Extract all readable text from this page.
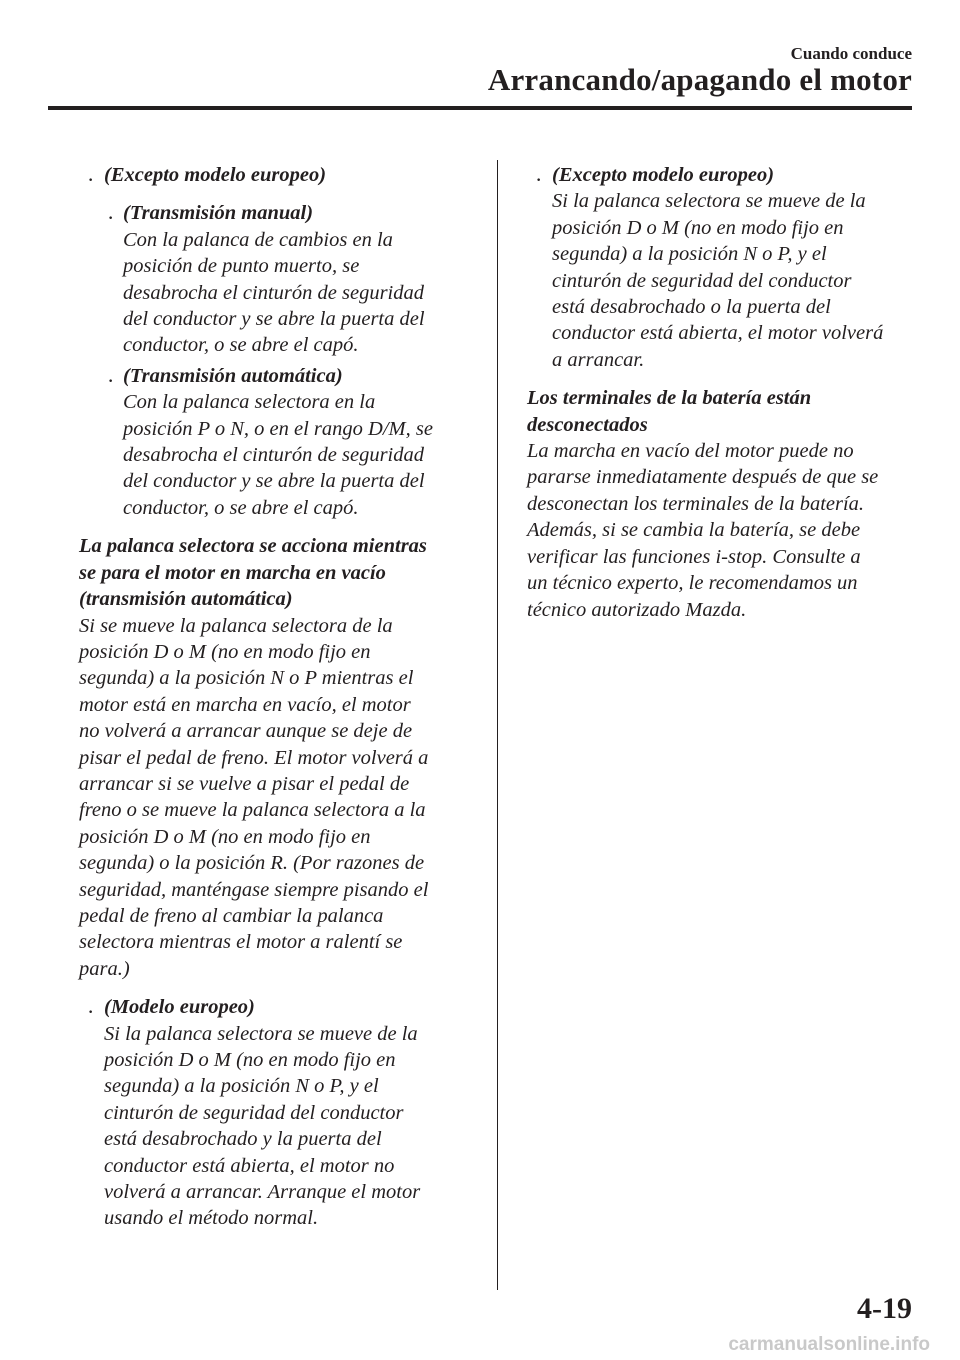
Cuando conduce
Arrancando/apagando el motor
· (Excepto modelo europeo)
· (Transmisión manual)
Con la palanca de cambios en la
posición de punto muerto, se
desabrocha el cinturón de seguridad
del conductor y se abre la puerta del
conductor, o se abre el capó.
· (Transmisión automática)
Con la palanca selectora en la
posición P o N, o en el rango D/M, se
desabrocha el cinturón de seguridad
del conductor y se abre la puerta del
conductor, o se abre el capó.
La palanca selectora se acciona mientras
se para el motor en marcha en vacío
(transmisión automática)
Si se mueve la palanca selectora de la
posición D o M (no en modo fijo en
segunda) a la posición N o P mientras el
motor está en marcha en vacío, el motor
no volverá a arrancar aunque se deje de
pisar el pedal de freno. El motor volverá a
arrancar si se vuelve a pisar el pedal de
freno o se mueve la palanca selectora a la
posición D o M (no en modo fijo en
segunda) o la posición R. (Por razones de
seguridad, manténgase siempre pisando el
pedal de freno al cambiar la palanca
selectora mientras el motor a ralentí se
para.)
· (Modelo europeo)
Si la palanca selectora se mueve de la
posición D o M (no en modo fijo en
segunda) a la posición N o P, y el
cinturón de seguridad del conductor
está desabrochado y la puerta del
conductor está abierta, el motor no
volverá a arrancar. Arranque el motor
usando el método normal.
· (Excepto modelo europeo)
Si la palanca selectora se mueve de la
posición D o M (no en modo fijo en
segunda) a la posición N o P, y el
cinturón de seguridad del conductor
está desabrochado o la puerta del
conductor está abierta, el motor volverá
a arrancar.
Los terminales de la batería están
desconectados
La marcha en vacío del motor puede no
pararse inmediatamente después de que se
desconectan los terminales de la batería.
Además, si se cambia la batería, se debe
verificar las funciones i-stop. Consulte a
un técnico experto, le recomendamos un
técnico autorizado Mazda.
4-19
carmanualsonline.info
